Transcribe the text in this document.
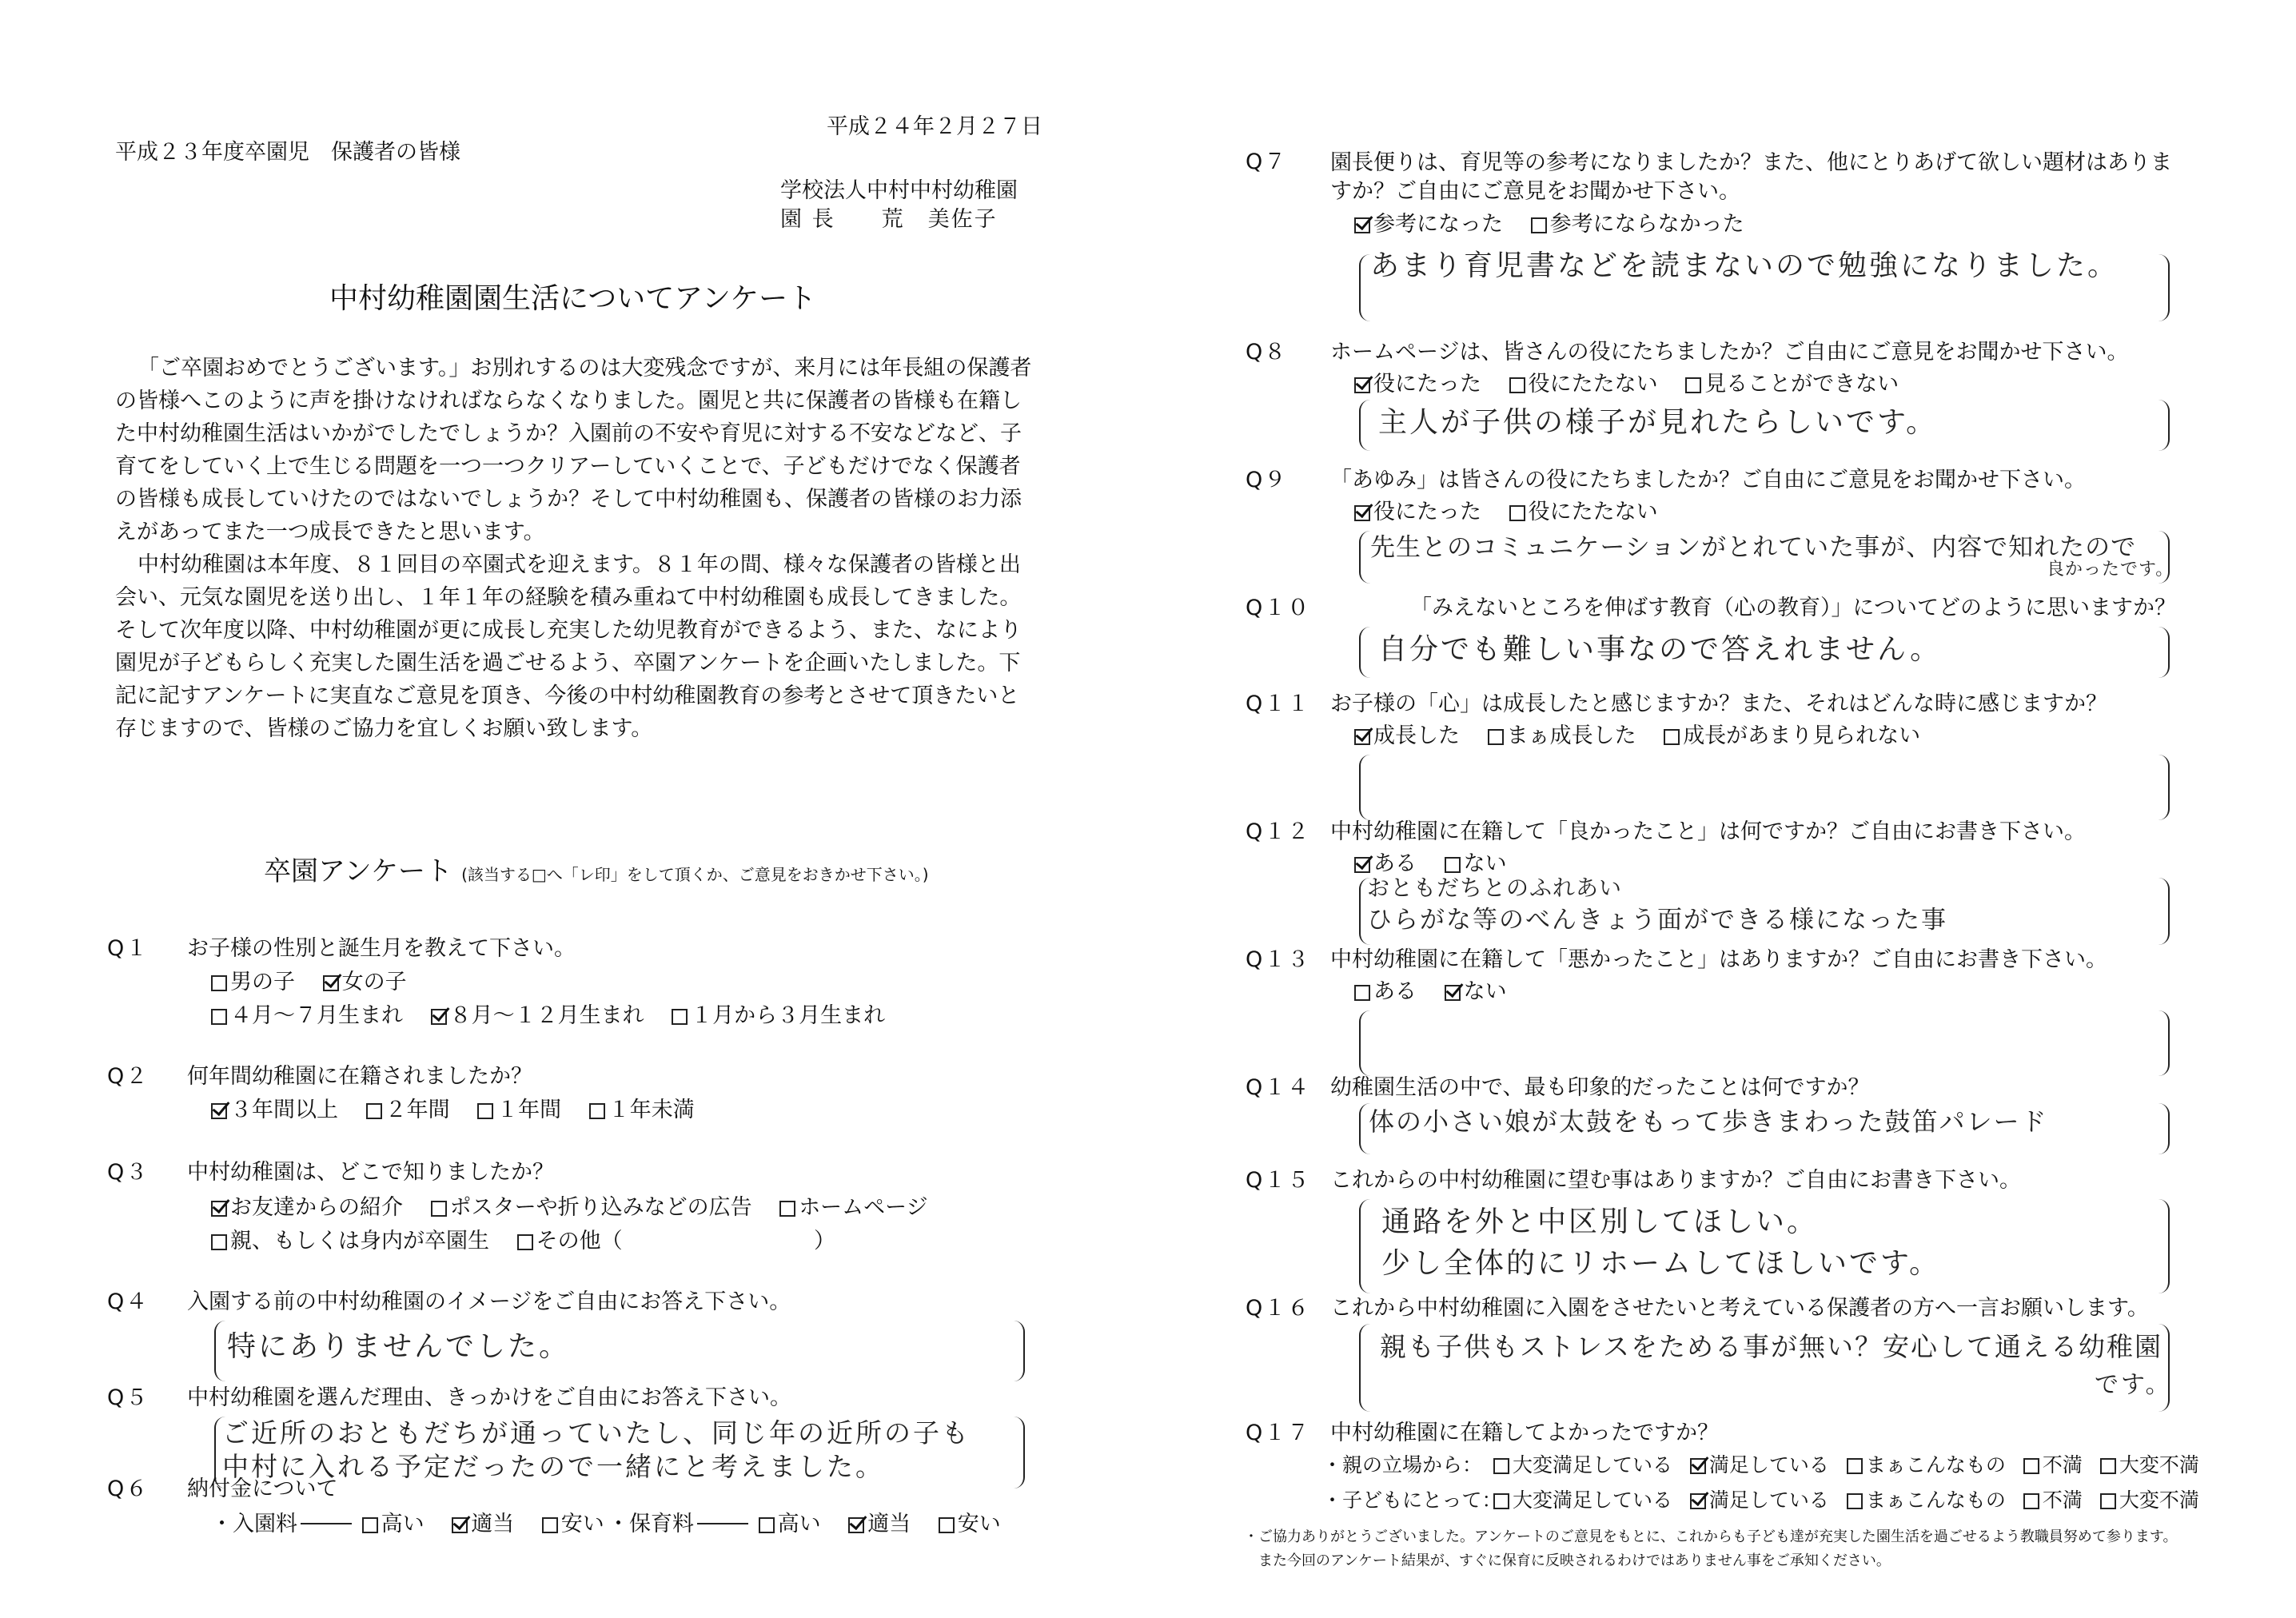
平成２４年２月２７日
平成２３年度卒園児　保護者の皆様
学校法人中村中村幼稚園
園 長　　荒　美佐子
中村幼稚園園生活についてアンケート
「ご卒園おめでとうございます。」お別れするのは大変残念ですが、来月には年長組の保護者の皆様へこのように声を掛けなければならなくなりました。園児と共に保護者の皆様も在籍した中村幼稚園生活はいかがでしたでしょうか？入園前の不安や育児に対する不安などなど、子育てをしていく上で生じる問題を一つ一つクリアーしていくことで、子どもだけでなく保護者の皆様も成長していけたのではないでしょうか？そして中村幼稚園も、保護者の皆様のお力添えがあってまた一つ成長できたと思います。
中村幼稚園は本年度、８１回目の卒園式を迎えます。８１年の間、様々な保護者の皆様と出会い、元気な園児を送り出し、１年１年の経験を積み重ねて中村幼稚園も成長してきました。そして次年度以降、中村幼稚園が更に成長し充実した幼児教育ができるよう、また、なにより園児が子どもらしく充実した園生活を過ごせるよう、卒園アンケートを企画いたしました。下記に記すアンケートに実直なご意見を頂き、今後の中村幼稚園教育の参考とさせて頂きたいと存じますので、皆様のご協力を宜しくお願い致します。
卒園アンケート (該当する□へ「レ印」をして頂くか、ご意見をおきかせ下さい。)
Q１ お子様の性別と誕生月を教えて下さい。
男の子 女の子
４月～７月生まれ ８月～１２月生まれ １月から３月生まれ
Q２ 何年間幼稚園に在籍されましたか？
３年間以上 ２年間 １年間 １年未満
Q３ 中村幼稚園は、どこで知りましたか？
お友達からの紹介 ポスターや折り込みなどの広告 ホームページ
親、もしくは身内が卒園生 その他（	）
Q４ 入園する前の中村幼稚園のイメージをご自由にお答え下さい。
特にありませんでした。
Q５ 中村幼稚園を選んだ理由、きっかけをご自由にお答え下さい。
ご近所のおともだちが通っていたし、同じ年の近所の子も
中村に入れる予定だったので一緒にと考えました。
Q６ 納付金について
・入園料	高い 適当 安い ・保育料	高い 適当 安い
Q７ 園長便りは、育児等の参考になりましたか？また、他にとりあげて欲しい題材はありますか？ご自由にご意見をお聞かせ下さい。
参考になった 参考にならなかった
あまり育児書などを読まないので勉強になりました。
Q８ ホームページは、皆さんの役にたちましたか？ご自由にご意見をお聞かせ下さい。
役にたった 役にたたない 見ることができない
主人が子供の様子が見れたらしいです。
Q９ 「あゆみ」は皆さんの役にたちましたか？ご自由にご意見をお聞かせ下さい。
役にたった 役にたたない
先生とのコミュニケーションがとれていた事が、内容で知れたので
良かったです。
Q１０	「みえないところを伸ばす教育（心の教育）」についてどのように思いますか？
自分でも難しい事なので答えれません。
Q１１ お子様の「心」は成長したと感じますか？また、それはどんな時に感じますか？
成長した まぁ成長した 成長があまり見られない
Q１２ 中村幼稚園に在籍して「良かったこと」は何ですか？ご自由にお書き下さい。
ある ない
おともだちとのふれあい
ひらがな等のべんきょう面ができる様になった事
Q１３ 中村幼稚園に在籍して「悪かったこと」はありますか？ご自由にお書き下さい。
ある ない
Q１４ 幼稚園生活の中で、最も印象的だったことは何ですか？
体の小さい娘が太鼓をもって歩きまわった鼓笛パレード
Q１５ これからの中村幼稚園に望む事はありますか？ご自由にお書き下さい。
通路を外と中区別してほしい。
少し全体的にリホームしてほしいです。
Q１６ これから中村幼稚園に入園をさせたいと考えている保護者の方へ一言お願いします。
親も子供もストレスをためる事が無い？安心して通える幼稚園
です。
Q１７ 中村幼稚園に在籍してよかったですか？
・親の立場から： 大変満足している 満足している まぁこんなもの 不満 大変不満
・子どもにとって： 大変満足している 満足している まぁこんなもの 不満 大変不満
・ご協力ありがとうございました。アンケートのご意見をもとに、これからも子ども達が充実した園生活を過ごせるよう教職員努めて参ります。
また今回のアンケート結果が、すぐに保育に反映されるわけではありません事をご承知ください。
